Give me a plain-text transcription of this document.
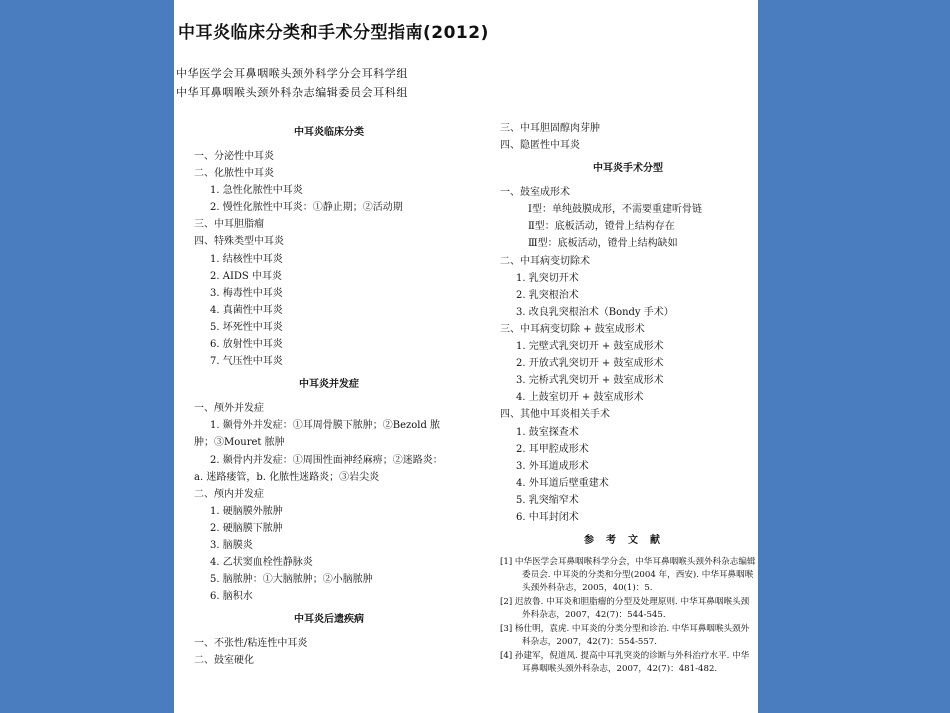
中耳炎临床分类和手术分型指南(2012)
中华医学会耳鼻咽喉头颈外科学分会耳科学组
中华耳鼻咽喉头颈外科杂志编辑委员会耳科组
中耳炎临床分类
一、分泌性中耳炎
二、化脓性中耳炎
1. 急性化脓性中耳炎
2. 慢性化脓性中耳炎：①静止期；②活动期
三、中耳胆脂瘤
四、特殊类型中耳炎
1. 结核性中耳炎
2. AIDS 中耳炎
3. 梅毒性中耳炎
4. 真菌性中耳炎
5. 坏死性中耳炎
6. 放射性中耳炎
7. 气压性中耳炎
中耳炎并发症
一、颅外并发症
1. 颞骨外并发症：①耳周骨膜下脓肿；②Bezold 脓
肿；③Mouret 脓肿
2. 颞骨内并发症：①周围性面神经麻痹；②迷路炎：
a. 迷路瘘管，b. 化脓性迷路炎；③岩尖炎
二、颅内并发症
1. 硬脑膜外脓肿
2. 硬脑膜下脓肿
3. 脑膜炎
4. 乙状窦血栓性静脉炎
5. 脑脓肿：①大脑脓肿；②小脑脓肿
6. 脑积水
中耳炎后遗疾病
一、不张性/粘连性中耳炎
二、鼓室硬化
三、中耳胆固醇肉芽肿
四、隐匿性中耳炎
中耳炎手术分型
一、鼓室成形术
Ⅰ型：单纯鼓膜成形，不需要重建听骨链
Ⅱ型：底板活动，镫骨上结构存在
Ⅲ型：底板活动，镫骨上结构缺如
二、中耳病变切除术
1. 乳突切开术
2. 乳突根治术
3. 改良乳突根治术（Bondy 手术）
三、中耳病变切除 + 鼓室成形术
1. 完壁式乳突切开 + 鼓室成形术
2. 开放式乳突切开 + 鼓室成形术
3. 完桥式乳突切开 + 鼓室成形术
4. 上鼓室切开 + 鼓室成形术
四、其他中耳炎相关手术
1. 鼓室探查术
2. 耳甲腔成形术
3. 外耳道成形术
4. 外耳道后壁重建术
5. 乳突缩窄术
6. 中耳封闭术
参考文献
[1] 中华医学会耳鼻咽喉科学分会，中华耳鼻咽喉头颈外科杂志编辑委员会. 中耳炎的分类和分型(2004 年，西安). 中华耳鼻咽喉头颈外科杂志，2005，40(1)：5.
[2] 迟放鲁. 中耳炎和胆脂瘤的分型及处理原则. 中华耳鼻咽喉头颈外科杂志，2007，42(7)：544-545.
[3] 杨仕明，袁虎. 中耳炎的分类分型和诊治. 中华耳鼻咽喉头颈外科杂志，2007，42(7)：554-557.
[4] 孙建军，倪道凤. 提高中耳乳突炎的诊断与外科治疗水平. 中华耳鼻咽喉头颈外科杂志，2007，42(7)：481-482.
